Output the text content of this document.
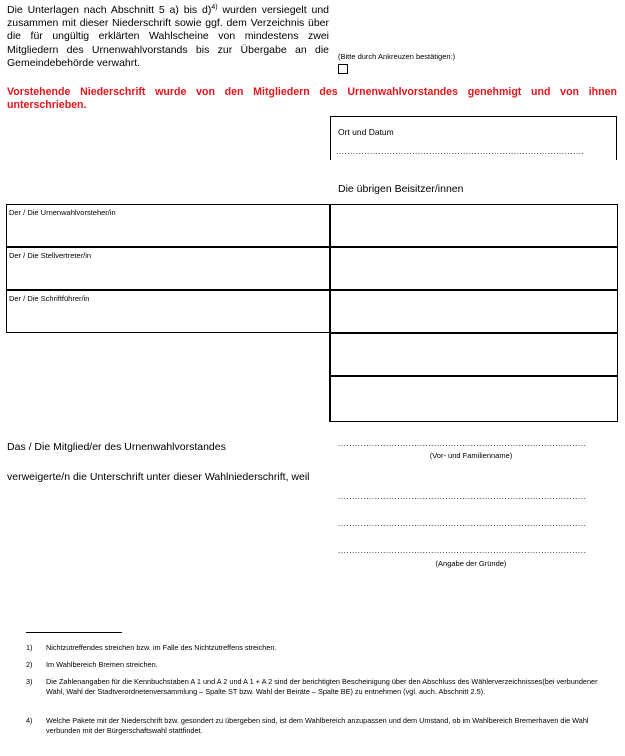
Die Unterlagen nach Abschnitt 5 a) bis d)$^{4)}$ wurden versiegelt und zusammen mit dieser Niederschrift sowie ggf. dem Verzeichnis über die für ungültig erklärten Wahlscheine von mindestens zwei Mitgliedern des Urnenwahlvorstands bis zur Übergabe an die Gemeindebehörde verwahrt.
(Bitte durch Ankreuzen bestätigen:)
Vorstehende Niederschrift wurde von den Mitgliedern des Urnenwahlvorstandes genehmigt und von ihnen unterschrieben.
Ort und Datum
........................................................................................
Die übrigen Beisitzer/innen
Der / Die Urnenwahlvorsteher/in
Der / Die Stellvertreter/in
Der / Die Schriftführer/in
Das / Die Mitglied/er des Urnenwahlvorstandes
verweigerte/n die Unterschrift unter dieser Wahlniederschrift, weil
........................................................................................
(Vor- und Familienname)
........................................................................................
........................................................................................
........................................................................................
(Angabe der Gründe)
1) Nichtzutreffendes streichen bzw. im Falle des Nichtzutreffens streichen.
2) Im Wahlbereich Bremen streichen.
3) Die Zahlenangaben für die Kennbuchstaben A 1 und A 2 und A 1 + A 2 sind der berichtigten Bescheinigung über den Abschluss des Wählerverzeichnisses(bei verbundener Wahl, Wahl der Stadtverordnetenversammlung – Spalte ST bzw. Wahl der Beiräte – Spalte BE) zu entnehmen (vgl. auch. Abschnitt 2.5).
4) Welche Pakete mit der Niederschrift bzw. gesondert zu übergeben sind, ist dem Wahlbereich anzupassen und dem Umstand, ob im Wahlbereich Bremerhaven die Wahl verbunden mit der Bürgerschaftswahl stattfindet.
